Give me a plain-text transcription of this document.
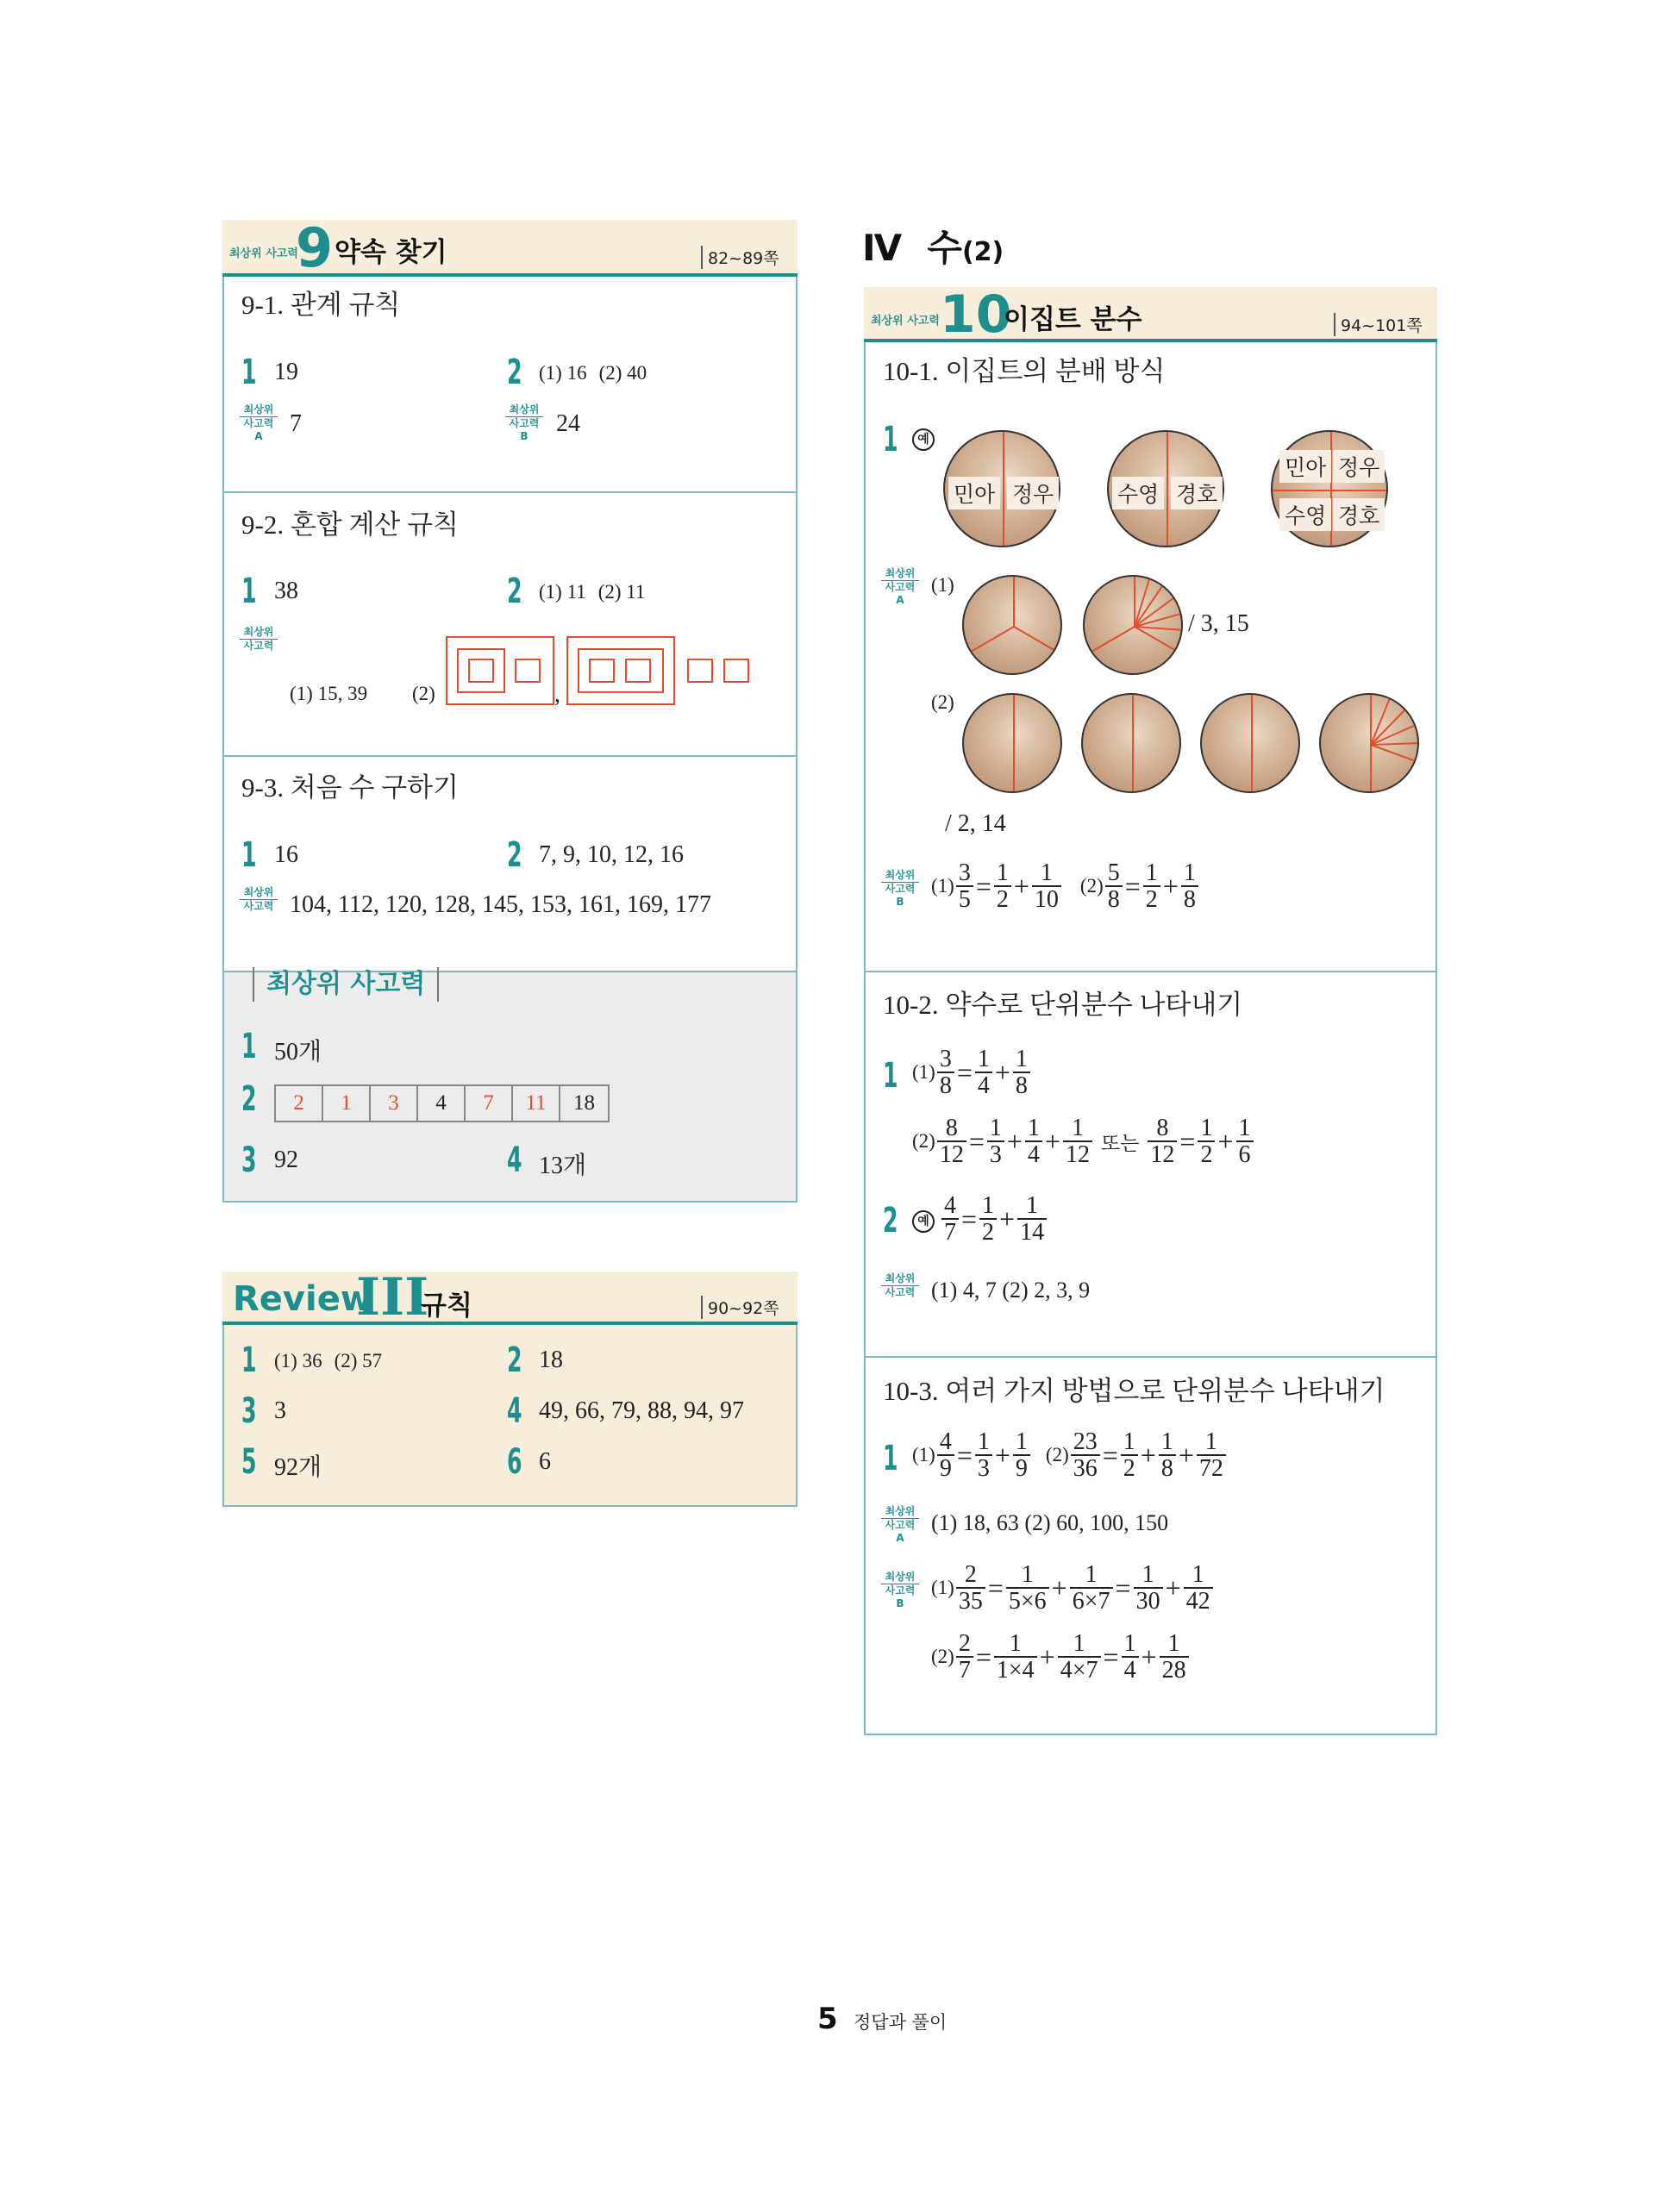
최상위 사고력
9 약속 찾기	82~89쪽
9-1. 관계 규칙
1 19	2 (1) 16 (2) 40
최상위
사고력
A	7
최상위
사고력
B	24
9-2. 혼합 계산 규칙
1 38	2 (1) 11 (2) 11
최상위
사고력
(1) 15, 39 (2)	,
9-3. 처음 수 구하기
1 16	2 7, 9, 10, 12, 16
최상위
사고력 104, 112, 120, 128, 145, 153, 161, 169, 177
최상위 사고력
1 50개
2	2	1	3	4	7	11	18
3 92	4 13개
Review
III
규칙	90~92쪽
1 (1) 36 (2) 57	2 18
3 3	4 49, 66, 79, 88, 94, 97
5 92개	6 6
Ⅳ  수(2)
최상위 사고력 10
이집트 분수	94~101쪽
10-1. 이집트의 분배 방식
1	예
민아 정우	수영 경호
민아 정우
수영 경호
최상위
사고력
A
(1)
/ 3, 15
(2)
/ 2, 14
최상위
사고력
B
$(1) \frac{3}{5} = \frac{1}{2} + \frac{1}{10} (2) \frac{5}{8} = \frac{1}{2} + \frac{1}{8}$
10-2. 약수로 단위분수 나타내기
1 $(1) \frac{3}{8} = \frac{1}{4} + \frac{1}{8}$
$(2) \frac{8}{12} = \frac{1}{3} + \frac{1}{4} + \frac{1}{12}$ 또는 $\frac{8}{12} = \frac{1}{2} + \frac{1}{6}$
2	예 $\frac{4}{7} = \frac{1}{2} + \frac{1}{14}$
최상위
사고력 (1) 4, 7 (2) 2, 3, 9
10-3. 여러 가지 방법으로 단위분수 나타내기
1 $(1) \frac{4}{9} = \frac{1}{3} + \frac{1}{9} (2) \frac{23}{36} = \frac{1}{2} + \frac{1}{8} + \frac{1}{72}$
최상위
사고력
A
(1) 18, 63 (2) 60, 100, 150
최상위
사고력
B
$(1) \frac{2}{35} = \frac{1}{5\times 6} + \frac{1}{6\times 7} = \frac{1}{30} + \frac{1}{42}$
$(2) \frac{2}{7} = \frac{1}{1\times 4} + \frac{1}{4\times 7} = \frac{1}{4} + \frac{1}{28}$
5 정답과 풀이
